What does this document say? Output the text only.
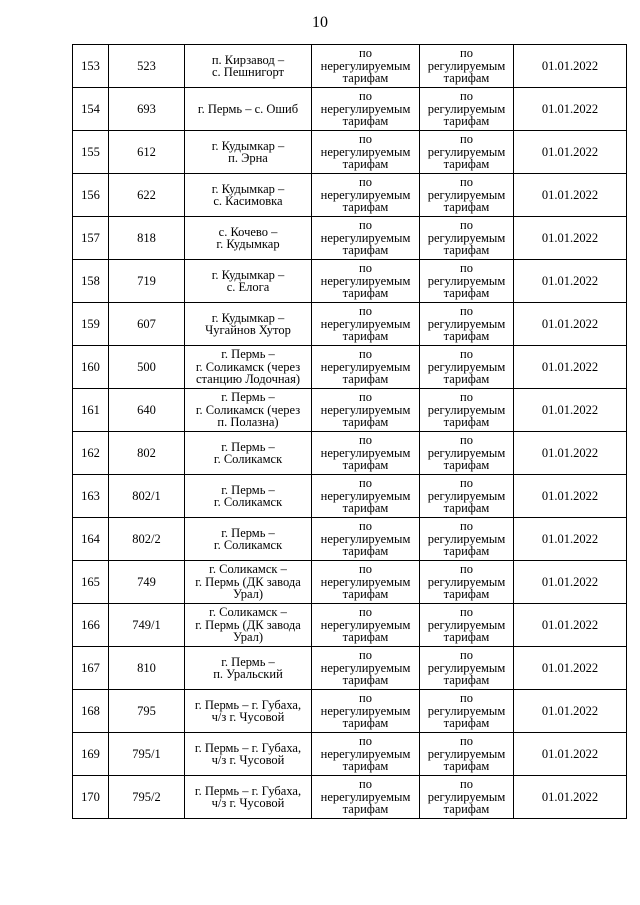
10
153	523	п. Кирзавод –
с. Пешнигорт	по
нерегулируемым
тарифам	по
регулируемым
тарифам	01.01.2022
154	693	г. Пермь – с. Ошиб	по
нерегулируемым
тарифам	по
регулируемым
тарифам	01.01.2022
155	612	г. Кудымкар –
п. Эрна	по
нерегулируемым
тарифам	по
регулируемым
тарифам	01.01.2022
156	622	г. Кудымкар –
с. Касимовка	по
нерегулируемым
тарифам	по
регулируемым
тарифам	01.01.2022
157	818	с. Кочево –
г. Кудымкар	по
нерегулируемым
тарифам	по
регулируемым
тарифам	01.01.2022
158	719	г. Кудымкар –
с. Елога	по
нерегулируемым
тарифам	по
регулируемым
тарифам	01.01.2022
159	607	г. Кудымкар –
Чугайнов Хутор	по
нерегулируемым
тарифам	по
регулируемым
тарифам	01.01.2022
160	500	г. Пермь –
г. Соликамск (через
станцию Лодочная)	по
нерегулируемым
тарифам	по
регулируемым
тарифам	01.01.2022
161	640	г. Пермь –
г. Соликамск (через
п. Полазна)	по
нерегулируемым
тарифам	по
регулируемым
тарифам	01.01.2022
162	802	г. Пермь –
г. Соликамск	по
нерегулируемым
тарифам	по
регулируемым
тарифам	01.01.2022
163	802/1	г. Пермь –
г. Соликамск	по
нерегулируемым
тарифам	по
регулируемым
тарифам	01.01.2022
164	802/2	г. Пермь –
г. Соликамск	по
нерегулируемым
тарифам	по
регулируемым
тарифам	01.01.2022
165	749	г. Соликамск –
г. Пермь (ДК завода
Урал)	по
нерегулируемым
тарифам	по
регулируемым
тарифам	01.01.2022
166	749/1	г. Соликамск –
г. Пермь (ДК завода
Урал)	по
нерегулируемым
тарифам	по
регулируемым
тарифам	01.01.2022
167	810	г. Пермь –
п. Уральский	по
нерегулируемым
тарифам	по
регулируемым
тарифам	01.01.2022
168	795	г. Пермь – г. Губаха,
ч/з г. Чусовой	по
нерегулируемым
тарифам	по
регулируемым
тарифам	01.01.2022
169	795/1	г. Пермь – г. Губаха,
ч/з г. Чусовой	по
нерегулируемым
тарифам	по
регулируемым
тарифам	01.01.2022
170	795/2	г. Пермь – г. Губаха,
ч/з г. Чусовой	по
нерегулируемым
тарифам	по
регулируемым
тарифам	01.01.2022
